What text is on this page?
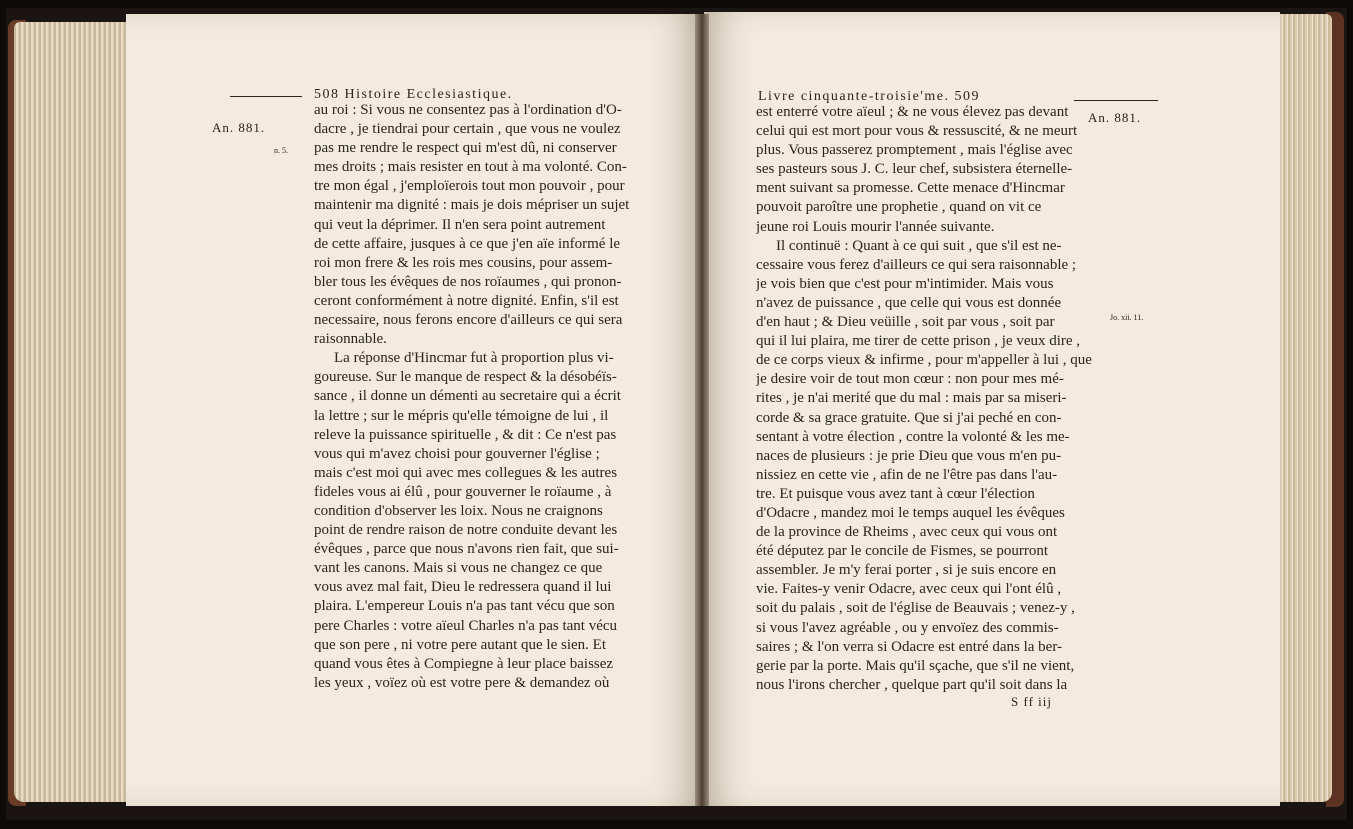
508 Histoire Ecclesiastique.
An. 881.
n. 5.
au roi : Si vous ne consentez pas à l'ordination d'O-
dacre , je tiendrai pour certain , que vous ne voulez
pas me rendre le respect qui m'est dû, ni conserver
mes droits ; mais resister en tout à ma volonté. Con-
tre mon égal , j'emploïerois tout mon pouvoir , pour
maintenir ma dignité : mais je dois mépriser un sujet
qui veut la déprimer. Il n'en sera point autrement
de cette affaire, jusques à ce que j'en aïe informé le
roi mon frere & les rois mes cousins, pour assem-
bler tous les évêques de nos roïaumes , qui pronon-
ceront conformément à notre dignité. Enfin, s'il est
necessaire, nous ferons encore d'ailleurs ce qui sera
raisonnable.
La réponse d'Hincmar fut à proportion plus vi-
goureuse. Sur le manque de respect & la désobéïs-
sance , il donne un démenti au secretaire qui a écrit
la lettre ; sur le mépris qu'elle témoigne de lui , il
releve la puissance spirituelle , & dit : Ce n'est pas
vous qui m'avez choisi pour gouverner l'église ;
mais c'est moi qui avec mes collegues & les autres
fideles vous ai élû , pour gouverner le roïaume , à
condition d'observer les loix. Nous ne craignons
point de rendre raison de notre conduite devant les
évêques , parce que nous n'avons rien fait, que sui-
vant les canons. Mais si vous ne changez ce que
vous avez mal fait, Dieu le redressera quand il lui
plaira. L'empereur Louis n'a pas tant vécu que son
pere Charles : votre aïeul Charles n'a pas tant vécu
que son pere , ni votre pere autant que le sien. Et
quand vous êtes à Compiegne à leur place baissez
les yeux , voïez où est votre pere & demandez où
Livre cinquante-troisie'me. 509
An. 881.
Jo. xii. 11.
est enterré votre aïeul ; & ne vous élevez pas devant
celui qui est mort pour vous & ressuscité, & ne meurt
plus. Vous passerez promptement , mais l'église avec
ses pasteurs sous J. C. leur chef, subsistera éternelle-
ment suivant sa promesse. Cette menace d'Hincmar
pouvoit paroître une prophetie , quand on vit ce
jeune roi Louis mourir l'année suivante.
Il continuë : Quant à ce qui suit , que s'il est ne-
cessaire vous ferez d'ailleurs ce qui sera raisonnable ;
je vois bien que c'est pour m'intimider. Mais vous
n'avez de puissance , que celle qui vous est donnée
d'en haut ; & Dieu veüille , soit par vous , soit par
qui il lui plaira, me tirer de cette prison , je veux dire ,
de ce corps vieux & infirme , pour m'appeller à lui , que
je desire voir de tout mon cœur : non pour mes mé-
rites , je n'ai merité que du mal : mais par sa miseri-
corde & sa grace gratuite. Que si j'ai peché en con-
sentant à votre élection , contre la volonté & les me-
naces de plusieurs : je prie Dieu que vous m'en pu-
nissiez en cette vie , afin de ne l'être pas dans l'au-
tre. Et puisque vous avez tant à cœur l'élection
d'Odacre , mandez moi le temps auquel les évêques
de la province de Rheims , avec ceux qui vous ont
été députez par le concile de Fismes, se pourront
assembler. Je m'y ferai porter , si je suis encore en
vie. Faites-y venir Odacre, avec ceux qui l'ont élû ,
soit du palais , soit de l'église de Beauvais ; venez-y ,
si vous l'avez agréable , ou y envoïez des commis-
saires ; & l'on verra si Odacre est entré dans la ber-
gerie par la porte. Mais qu'il sçache, que s'il ne vient,
nous l'irons chercher , quelque part qu'il soit dans la
S ff iij
